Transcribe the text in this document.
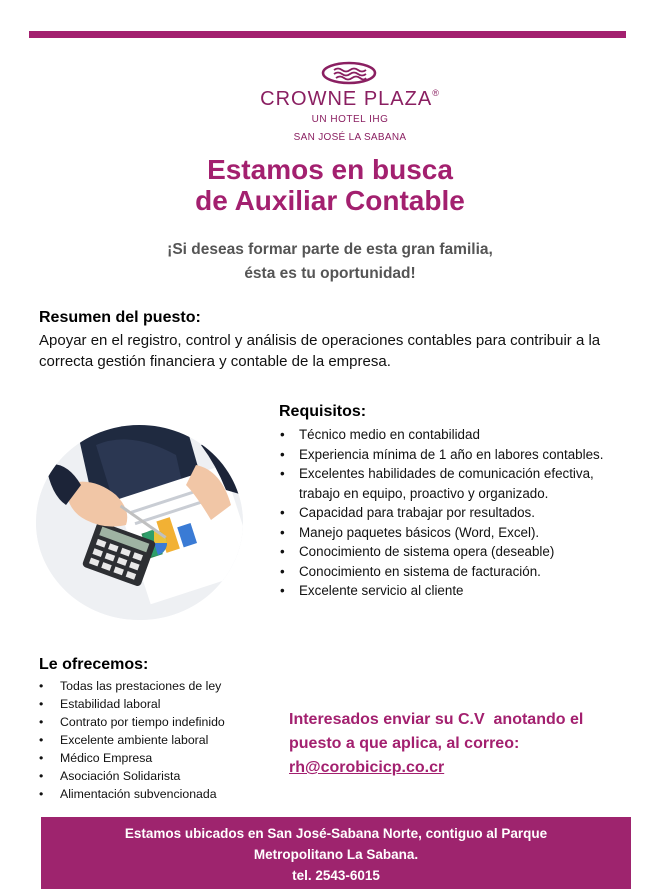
CROWNE PLAZA®
UN HOTEL IHG
SAN JOSÉ LA SABANA
Estamos en busca
de Auxiliar Contable
¡Si deseas formar parte de esta gran familia,
ésta es tu oportunidad!
Resumen del puesto:
Apoyar en el registro, control y análisis de operaciones contables para contribuir a la correcta gestión financiera y contable de la empresa.
Requisitos:
• Técnico medio en contabilidad
• Experiencia mínima de 1 año en labores contables.
• Excelentes habilidades de comunicación efectiva, trabajo en equipo, proactivo y organizado.
• Capacidad para trabajar por resultados.
• Manejo paquetes básicos (Word, Excel).
• Conocimiento de sistema opera (deseable)
• Conocimiento en sistema de facturación.
• Excelente servicio al cliente
Le ofrecemos:
• Todas las prestaciones de ley
• Estabilidad laboral
• Contrato por tiempo indefinido
• Excelente ambiente laboral
• Médico Empresa
• Asociación Solidarista
• Alimentación subvencionada
Interesados enviar su C.V  anotando el
puesto a que aplica, al correo:
rh@corobicicp.co.cr
Estamos ubicados en San José-Sabana Norte, contiguo al Parque
Metropolitano La Sabana.
tel. 2543-6015
